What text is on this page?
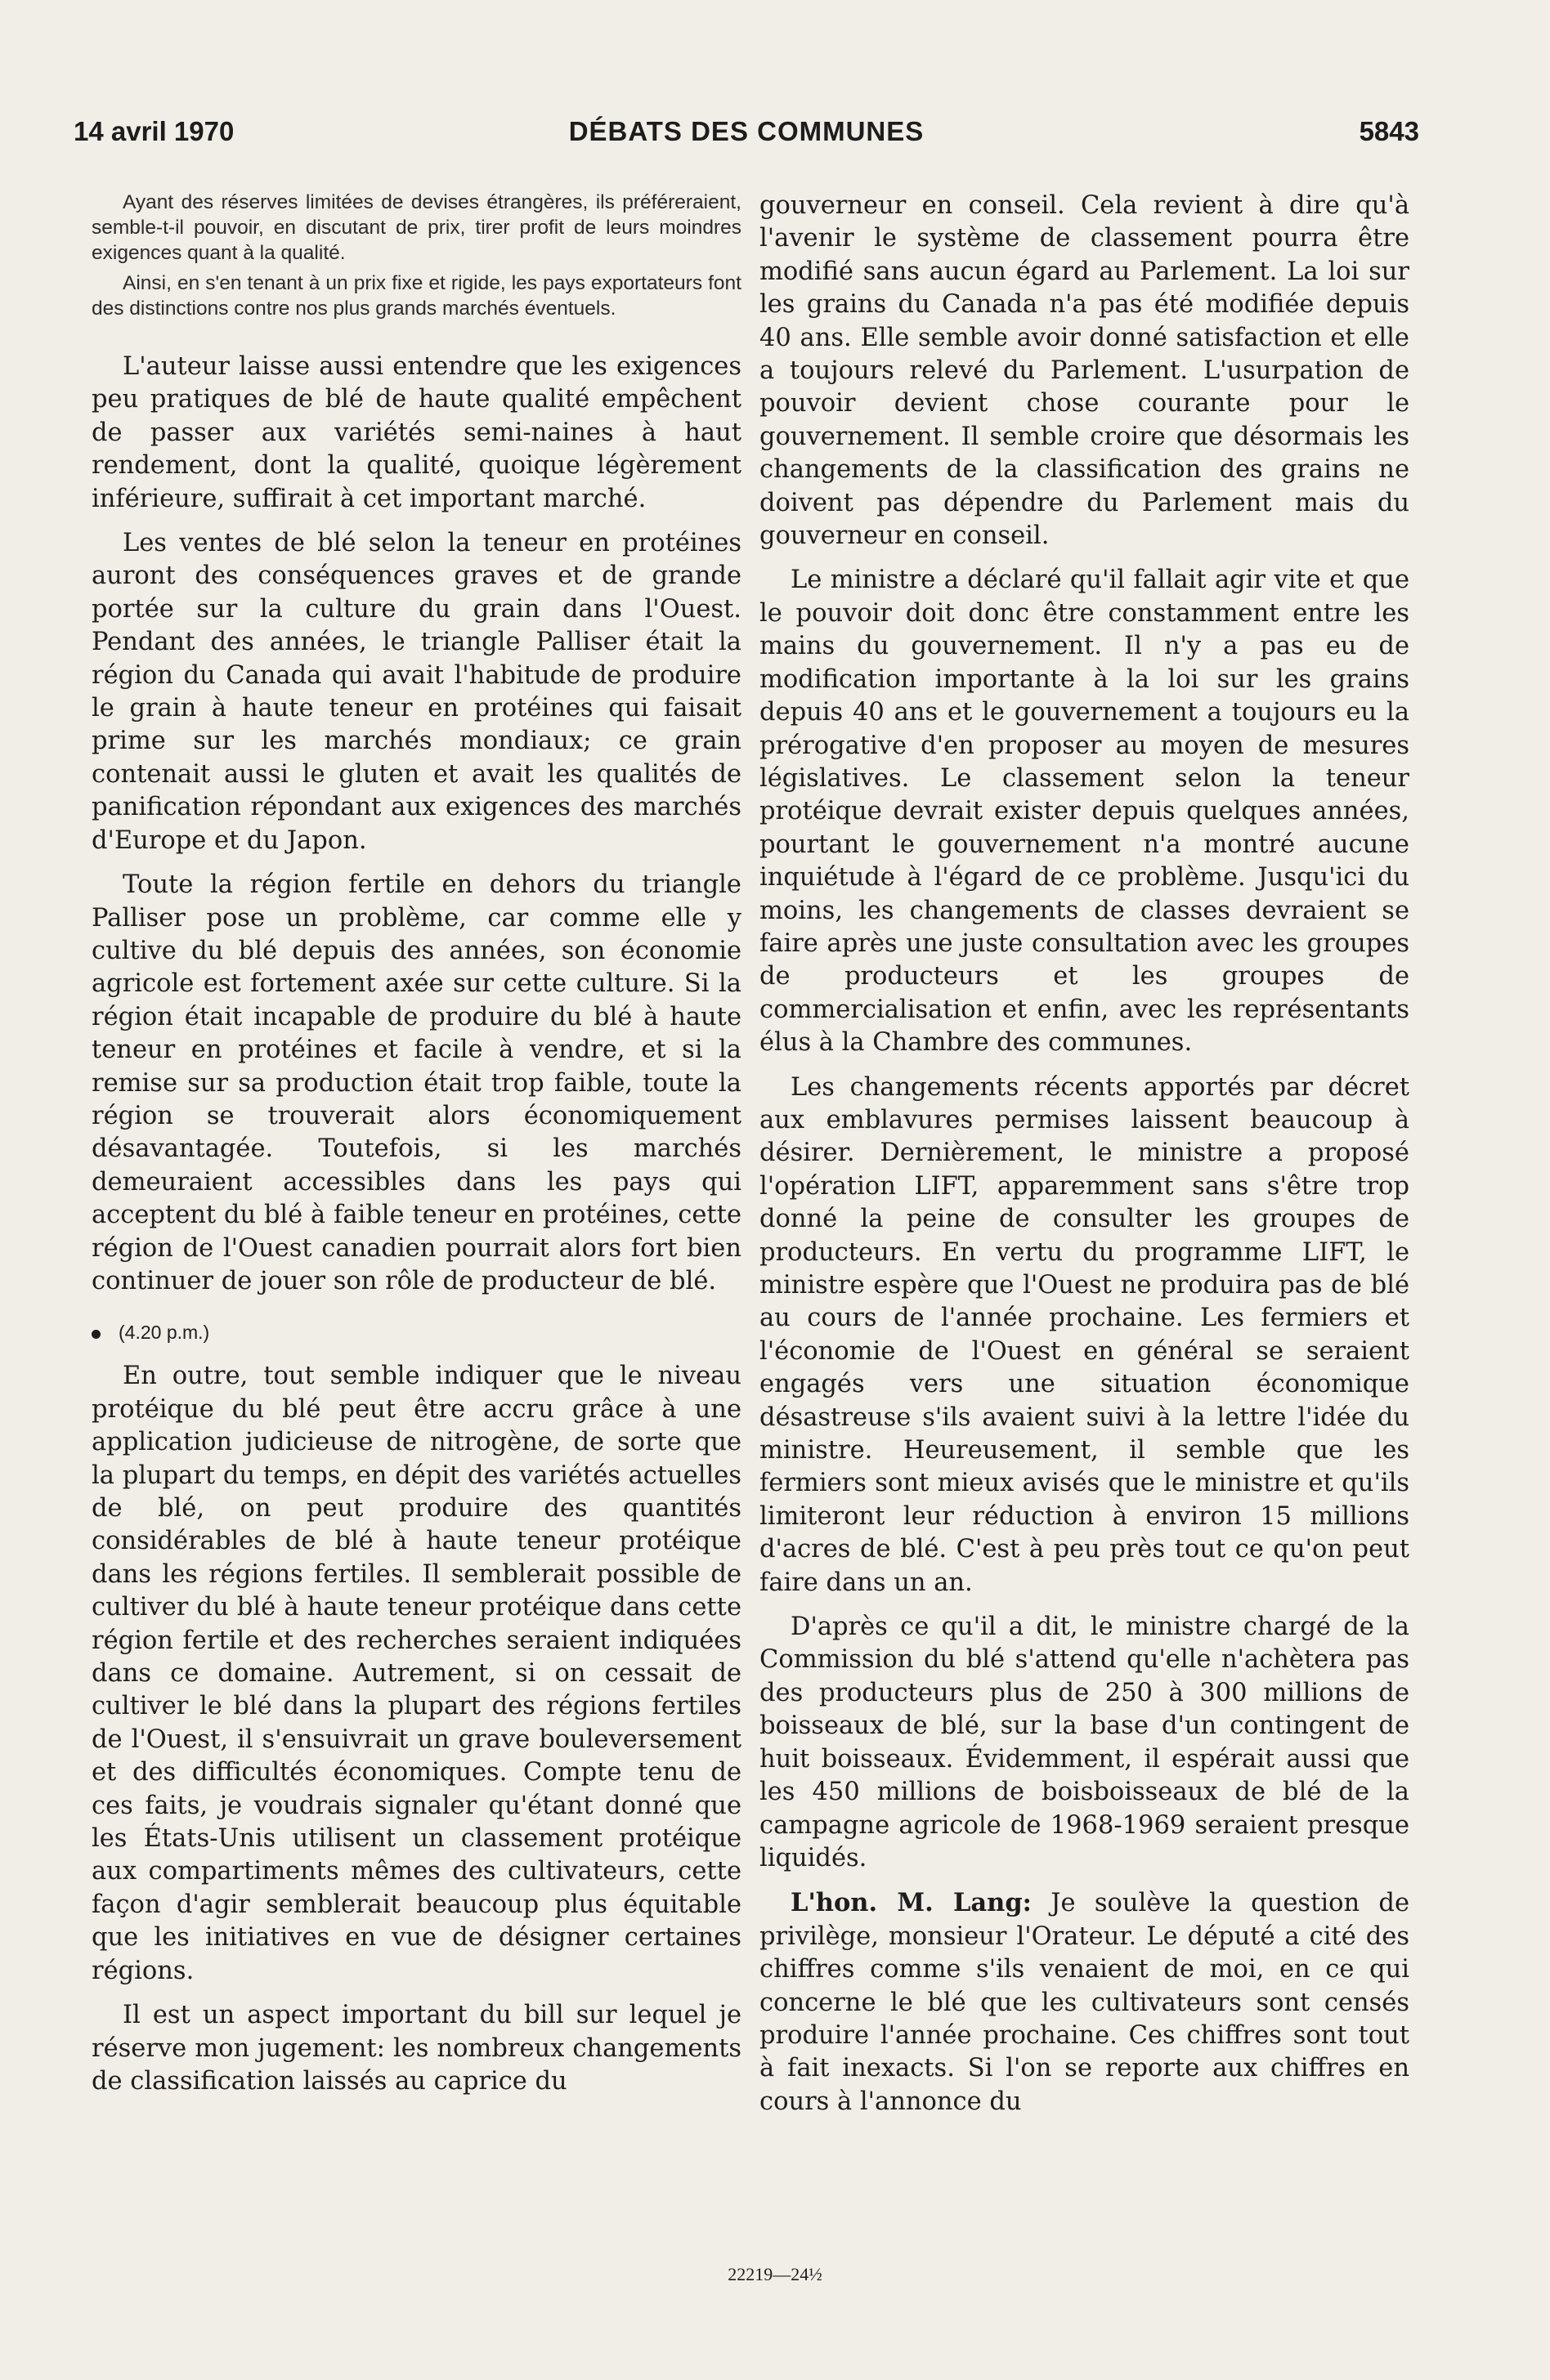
14 avril 1970	DÉBATS DES COMMUNES	5843

Ayant des réserves limitées de devises étrangères, ils préféreraient, semble-t-il pouvoir, en discutant de prix, tirer profit de leurs moindres exigences quant à la qualité.

Ainsi, en s'en tenant à un prix fixe et rigide, les pays exportateurs font des distinctions contre nos plus grands marchés éventuels.

L'auteur laisse aussi entendre que les exigences peu pratiques de blé de haute qualité empêchent de passer aux variétés semi-naines à haut rendement, dont la qualité, quoique légèrement inférieure, suffirait à cet important marché.

Les ventes de blé selon la teneur en protéines auront des conséquences graves et de grande portée sur la culture du grain dans l'Ouest. Pendant des années, le triangle Palliser était la région du Canada qui avait l'habitude de produire le grain à haute teneur en protéines qui faisait prime sur les marchés mondiaux; ce grain contenait aussi le gluten et avait les qualités de panification répondant aux exigences des marchés d'Europe et du Japon.

Toute la région fertile en dehors du triangle Palliser pose un problème, car comme elle y cultive du blé depuis des années, son économie agricole est fortement axée sur cette culture. Si la région était incapable de produire du blé à haute teneur en protéines et facile à vendre, et si la remise sur sa production était trop faible, toute la région se trouverait alors économiquement désavantagée. Toutefois, si les marchés demeuraient accessibles dans les pays qui acceptent du blé à faible teneur en protéines, cette région de l'Ouest canadien pourrait alors fort bien continuer de jouer son rôle de producteur de blé.

(4.20 p.m.)

En outre, tout semble indiquer que le niveau protéique du blé peut être accru grâce à une application judicieuse de nitrogène, de sorte que la plupart du temps, en dépit des variétés actuelles de blé, on peut produire des quantités considérables de blé à haute teneur protéique dans les régions fertiles. Il semblerait possible de cultiver du blé à haute teneur protéique dans cette région fertile et des recherches seraient indiquées dans ce domaine. Autrement, si on cessait de cultiver le blé dans la plupart des régions fertiles de l'Ouest, il s'ensuivrait un grave bouleversement et des difficultés économiques. Compte tenu de ces faits, je voudrais signaler qu'étant donné que les États-Unis utilisent un classement protéique aux compartiments mêmes des cultivateurs, cette façon d'agir semblerait beaucoup plus équitable que les initiatives en vue de désigner certaines régions.

Il est un aspect important du bill sur lequel je réserve mon jugement: les nombreux changements de classification laissés au caprice du

gouverneur en conseil. Cela revient à dire qu'à l'avenir le système de classement pourra être modifié sans aucun égard au Parlement. La loi sur les grains du Canada n'a pas été modifiée depuis 40 ans. Elle semble avoir donné satisfaction et elle a toujours relevé du Parlement. L'usurpation de pouvoir devient chose courante pour le gouvernement. Il semble croire que désormais les changements de la classification des grains ne doivent pas dépendre du Parlement mais du gouverneur en conseil.

Le ministre a déclaré qu'il fallait agir vite et que le pouvoir doit donc être constamment entre les mains du gouvernement. Il n'y a pas eu de modification importante à la loi sur les grains depuis 40 ans et le gouvernement a toujours eu la prérogative d'en proposer au moyen de mesures législatives. Le classement selon la teneur protéique devrait exister depuis quelques années, pourtant le gouvernement n'a montré aucune inquiétude à l'égard de ce problème. Jusqu'ici du moins, les changements de classes devraient se faire après une juste consultation avec les groupes de producteurs et les groupes de commercialisation et enfin, avec les représentants élus à la Chambre des communes.

Les changements récents apportés par décret aux emblavures permises laissent beaucoup à désirer. Dernièrement, le ministre a proposé l'opération LIFT, apparemment sans s'être trop donné la peine de consulter les groupes de producteurs. En vertu du programme LIFT, le ministre espère que l'Ouest ne produira pas de blé au cours de l'année prochaine. Les fermiers et l'économie de l'Ouest en général se seraient engagés vers une situation économique désastreuse s'ils avaient suivi à la lettre l'idée du ministre. Heureusement, il semble que les fermiers sont mieux avisés que le ministre et qu'ils limiteront leur réduction à environ 15 millions d'acres de blé. C'est à peu près tout ce qu'on peut faire dans un an.

D'après ce qu'il a dit, le ministre chargé de la Commission du blé s'attend qu'elle n'achètera pas des producteurs plus de 250 à 300 millions de boisseaux de blé, sur la base d'un contingent de huit boisseaux. Évidemment, il espérait aussi que les 450 millions de boisboisseaux de blé de la campagne agricole de 1968-1969 seraient presque liquidés.

L'hon. M. Lang: Je soulève la question de privilège, monsieur l'Orateur. Le député a cité des chiffres comme s'ils venaient de moi, en ce qui concerne le blé que les cultivateurs sont censés produire l'année prochaine. Ces chiffres sont tout à fait inexacts. Si l'on se reporte aux chiffres en cours à l'annonce du

22219—24½
